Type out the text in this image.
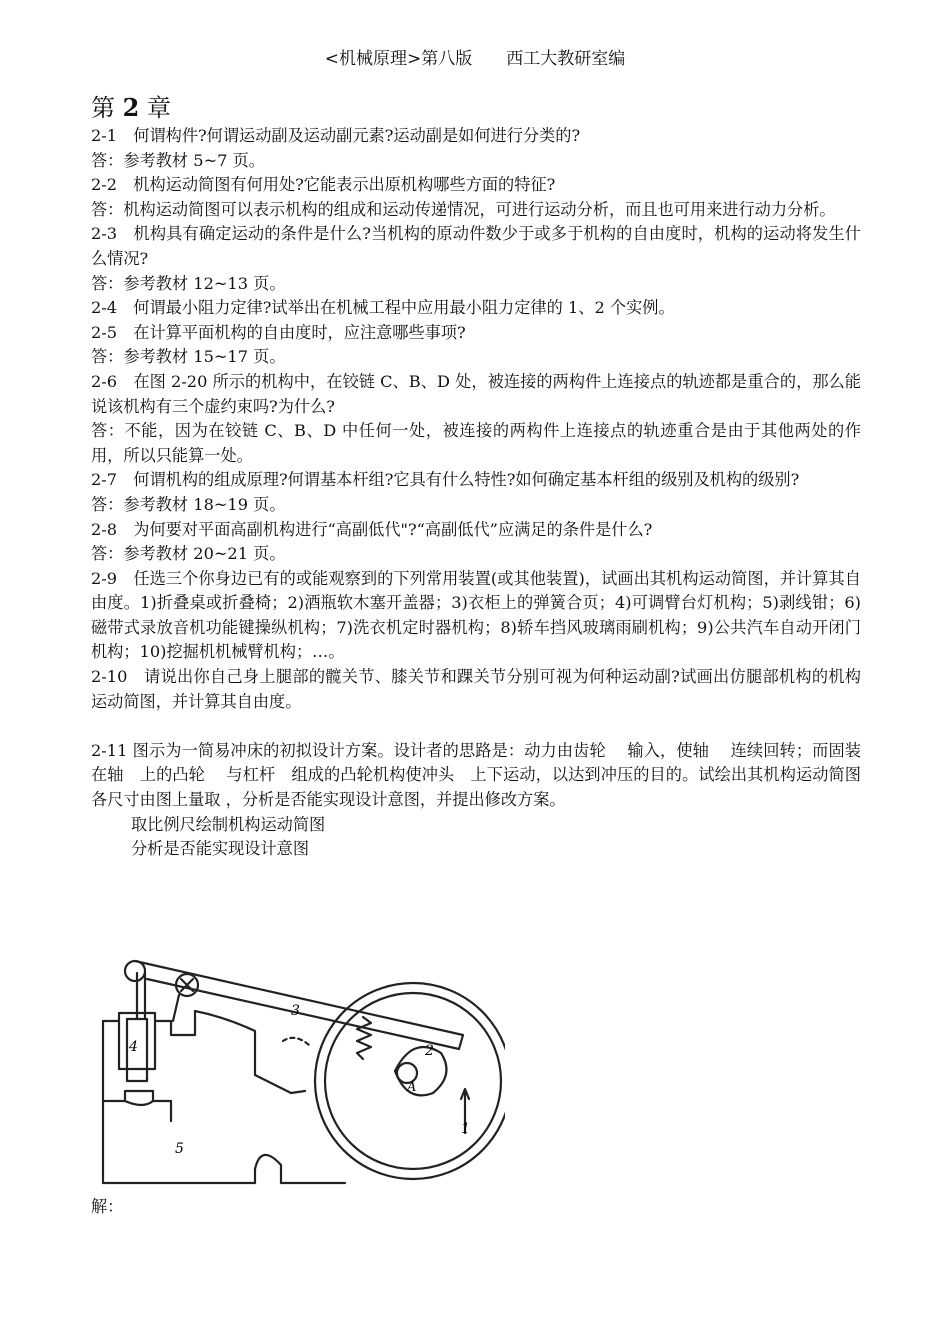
<机械原理>第八版　　西工大教研室编
第 2 章

2-1　何谓构件?何谓运动副及运动副元素?运动副是如何进行分类的?

答：参考教材 5~7 页。

2-2　机构运动简图有何用处?它能表示出原机构哪些方面的特征?

答：机构运动简图可以表示机构的组成和运动传递情况，可进行运动分析，而且也可用来进行动力分析。

2-3　机构具有确定运动的条件是什么?当机构的原动件数少于或多于机构的自由度时，机构的运动将发生什么情况?

答：参考教材 12~13 页。

2-4　何谓最小阻力定律?试举出在机械工程中应用最小阻力定律的 1、2 个实例。

2-5　在计算平面机构的自由度时，应注意哪些事项?

答：参考教材 15~17 页。

2-6　在图 2-20 所示的机构中，在铰链 C、B、D 处，被连接的两构件上连接点的轨迹都是重合的，那么能说该机构有三个虚约束吗?为什么?

答：不能，因为在铰链 C、B、D 中任何一处，被连接的两构件上连接点的轨迹重合是由于其他两处的作用，所以只能算一处。

2-7　何谓机构的组成原理?何谓基本杆组?它具有什么特性?如何确定基本杆组的级别及机构的级别?

答：参考教材 18~19 页。

2-8　为何要对平面高副机构进行“高副低代"?“高副低代”应满足的条件是什么?

答：参考教材 20~21 页。

2-9　任选三个你身边已有的或能观察到的下列常用装置(或其他装置)，试画出其机构运动简图，并计算其自由度。1)折叠桌或折叠椅；2)酒瓶软木塞开盖器；3)衣柜上的弹簧合页；4)可调臂台灯机构；5)剥线钳；6)磁带式录放音机功能键操纵机构；7)洗衣机定时器机构；8)轿车挡风玻璃雨刷机构；9)公共汽车自动开闭门机构；10)挖掘机机械臂机构；…。

2-10　请说出你自己身上腿部的髋关节、膝关节和踝关节分别可视为何种运动副?试画出仿腿部机构的机构运动简图，并计算其自由度。

2-11 图示为一简易冲床的初拟设计方案。设计者的思路是：动力由齿轮　 输入，使轴　 连续回转；而固装在轴　上的凸轮　 与杠杆　组成的凸轮机构使冲头　上下运动，以达到冲压的目的。试绘出其机构运动简图 各尺寸由图上量取 ，分析是否能实现设计意图，并提出修改方案。

取比例尺绘制机构运动简图

分析是否能实现设计意图

1
2
3
4
5
A
解：
